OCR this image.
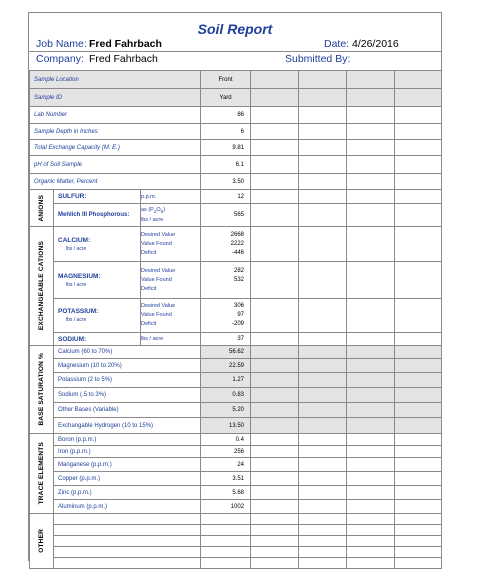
Soil Report
Job Name: Fred Fahrbach	Date: 4/26/2016
Company: Fred Fahrbach	Submitted By:
Sample Location			Front				
Sample ID			Yard				
Lab Number			86				
Sample Depth in Inches			6				
Total Exchange Capacity (M. E.)			9.81				
pH of Soil Sample			6.1				
Organic Matter, Percent			3.50				

ANIONS	SULFUR:	p.p.m.	12				
	Mehlich III Phosphorous:	as $(P_2O_5)$
lbs / acre	565				

EXCHANGEABLE CATIONS	CALCIUM:
lbs / acre	Desired Value
Value Found
Deficit	2668
2222
-446				

	MAGNESIUM:
lbs / acre	Desired Value
Value Found
Deficit	282
532				

	POTASSIUM:
lbs / acre	Desired Value
Value Found
Deficit	306
97
-209				

	SODIUM:	lbs / acre	37				

BASE SATURATION %	Calcium (60 to 70%)		56.62				
	Magnesium (10 to 20%)		22.59				
	Potassium (2 to 5%)		1.27				
	Sodium (.5 to 3%)		0.83				
	Other Bases (Variable)		5.20				
	Exchangable Hydrogen (10 to 15%)		13.50				

TRACE ELEMENTS	Boron (p.p.m.)		0.4				
	Iron (p.p.m.)		256				
	Manganese (p.p.m.)		24				
	Copper (p.p.m.)		3.51				
	Zinc (p.p.m.)		5.68				
	Aluminum (p.p.m.)		1002				

OTHER							
